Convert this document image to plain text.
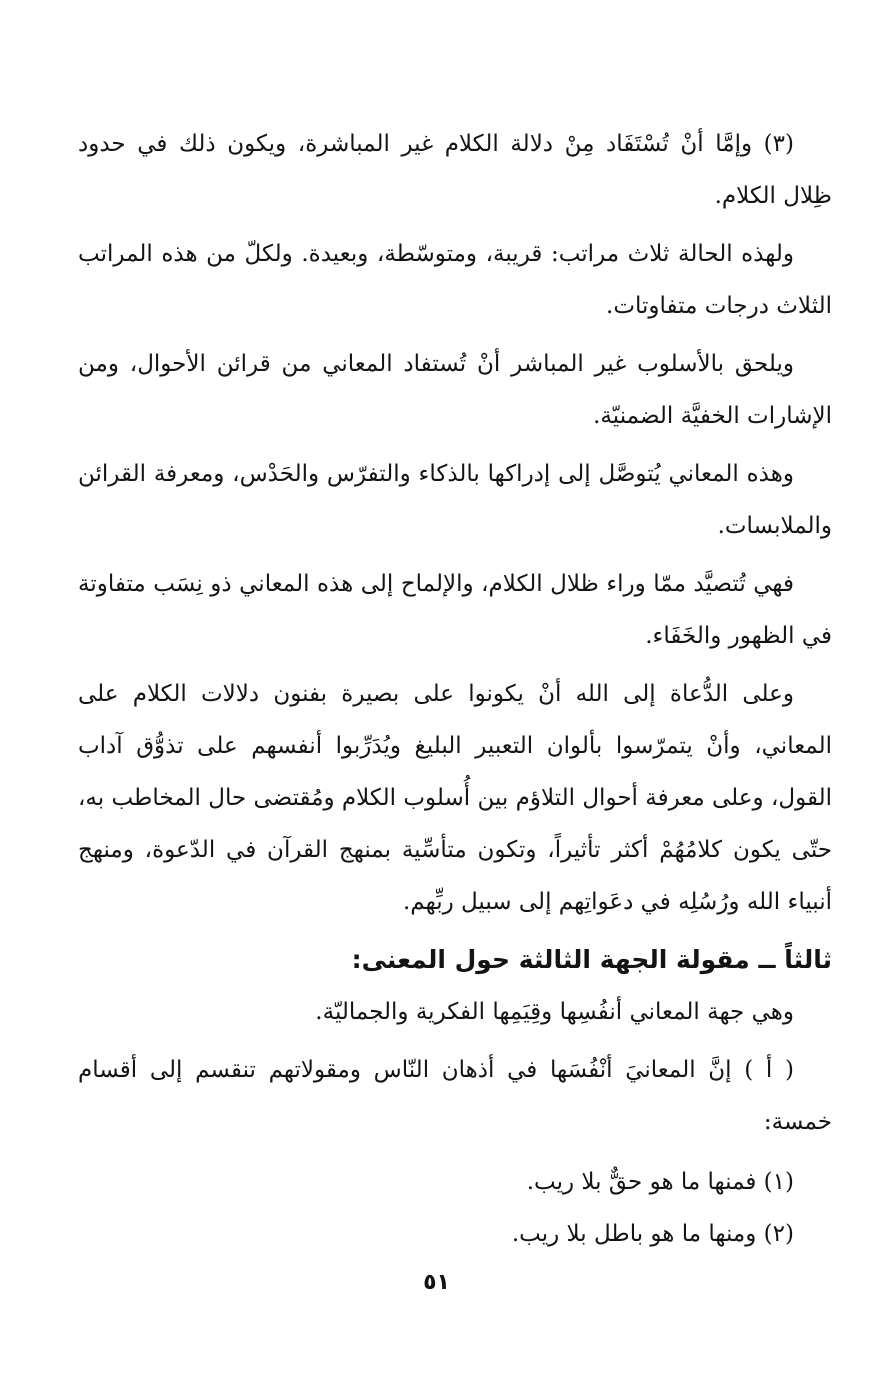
(٣) وإمَّا أنْ تُسْتَفَاد مِنْ دلالة الكلام غير المباشرة، ويكون ذلك في حدود ظِلال الكلام.

ولهذه الحالة ثلاث مراتب: قريبة، ومتوسّطة، وبعيدة. ولكلّ من هذه المراتب الثلاث درجات متفاوتات.

ويلحق بالأسلوب غير المباشر أنْ تُستفاد المعاني من قرائن الأحوال، ومن الإشارات الخفيَّة الضمنيّة.

وهذه المعاني يُتوصَّل إلى إدراكها بالذكاء والتفرّس والحَدْس، ومعرفة القرائن والملابسات.

فهي تُتصيَّد ممّا وراء ظلال الكلام، والإلماح إلى هذه المعاني ذو نِسَب متفاوتة في الظهور والخَفَاء.

وعلى الدُّعاة إلى الله أنْ يكونوا على بصيرة بفنون دلالات الكلام على المعاني، وأنْ يتمرّسوا بألوان التعبير البليغ ويُدَرِّبوا أنفسهم على تذوُّق آداب القول، وعلى معرفة أحوال التلاؤم بين أُسلوب الكلام ومُقتضى حال المخاطب به، حتّى يكون كلامُهُمْ أكثر تأثيراً، وتكون متأسِّية بمنهج القرآن في الدّعوة، ومنهج أنبياء الله ورُسُلِه في دعَواتِهم إلى سبيل ربِّهم.

ثالثاً ــ مقولة الجهة الثالثة حول المعنى:

وهي جهة المعاني أنفُسِها وقِيَمِها الفكرية والجماليّة.

( أ ) إنَّ المعانيَ أنْفُسَها في أذهان النّاس ومقولاتهم تنقسم إلى أقسام خمسة:

(١) فمنها ما هو حقٌّ بلا ريب.

(٢) ومنها ما هو باطل بلا ريب.

٥١
